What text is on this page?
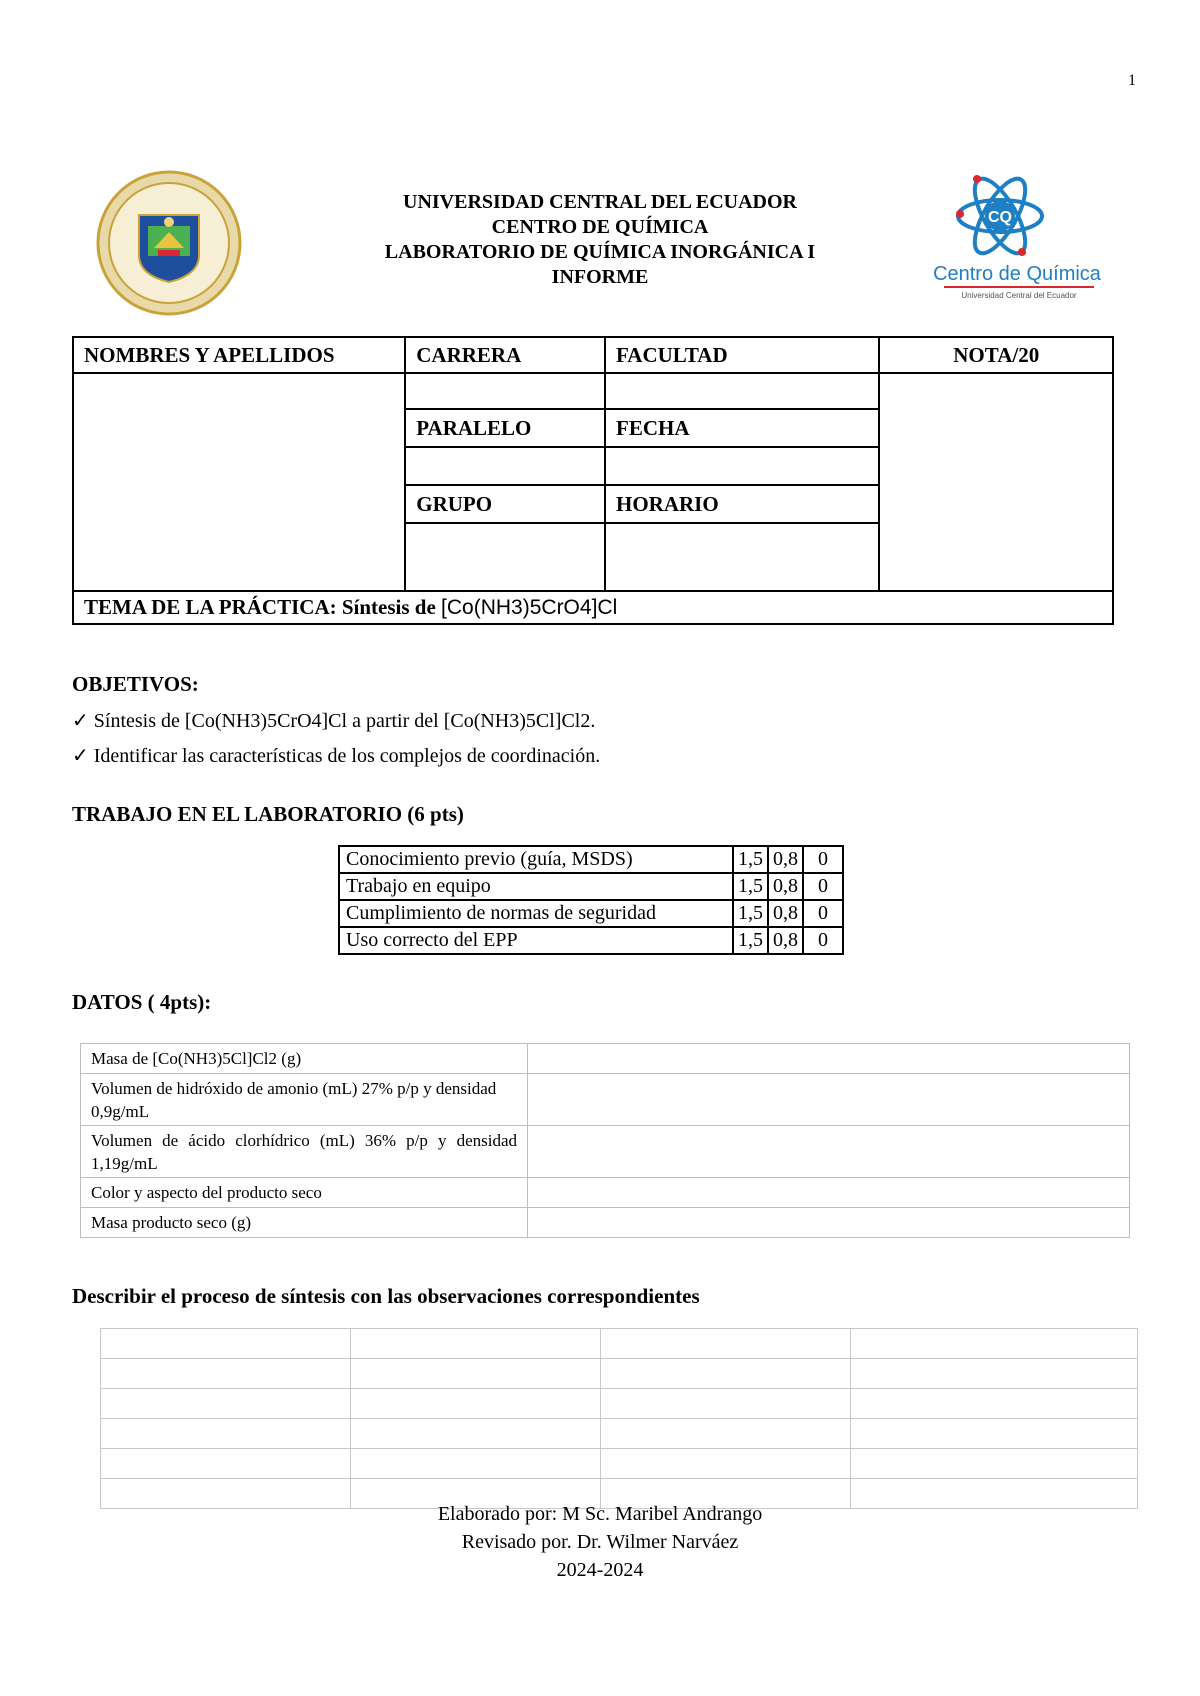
1
CQ
Centro de Química
Universidad Central del Ecuador
UNIVERSIDAD CENTRAL DEL ECUADOR
CENTRO DE QUÍMICA
LABORATORIO DE QUÍMICA INORGÁNICA I
INFORME
NOMBRES Y APELLIDOS	CARRERA	FACULTAD	NOTA/20

	PARALELO	FECHA	

	GRUPO	HORARIO	

TEMA DE LA PRÁCTICA: Síntesis de [Co(NH3)5CrO4]Cl			
OBJETIVOS:
✓ Síntesis de [Co(NH3)5CrO4]Cl a partir del [Co(NH3)5Cl]Cl2.
✓ Identificar las características de los complejos de coordinación.
TRABAJO EN EL LABORATORIO (6 pts)
Conocimiento previo (guía, MSDS)	1,5	0,8	0
Trabajo en equipo	1,5	0,8	0
Cumplimiento de normas de seguridad	1,5	0,8	0
Uso correcto del EPP	1,5	0,8	0
DATOS ( 4pts):
Masa de [Co(NH3)5Cl]Cl2 (g)	
Volumen de hidróxido de amonio (mL) 27% p/p y densidad 0,9g/mL	
Volumen de ácido clorhídrico (mL) 36% p/p y densidad 1,19g/mL	
Color y aspecto del producto seco	
Masa producto seco (g)	
Describir el proceso de síntesis con las observaciones correspondientes

Elaborado por: M Sc. Maribel Andrango
Revisado por. Dr. Wilmer Narváez
2024-2024
